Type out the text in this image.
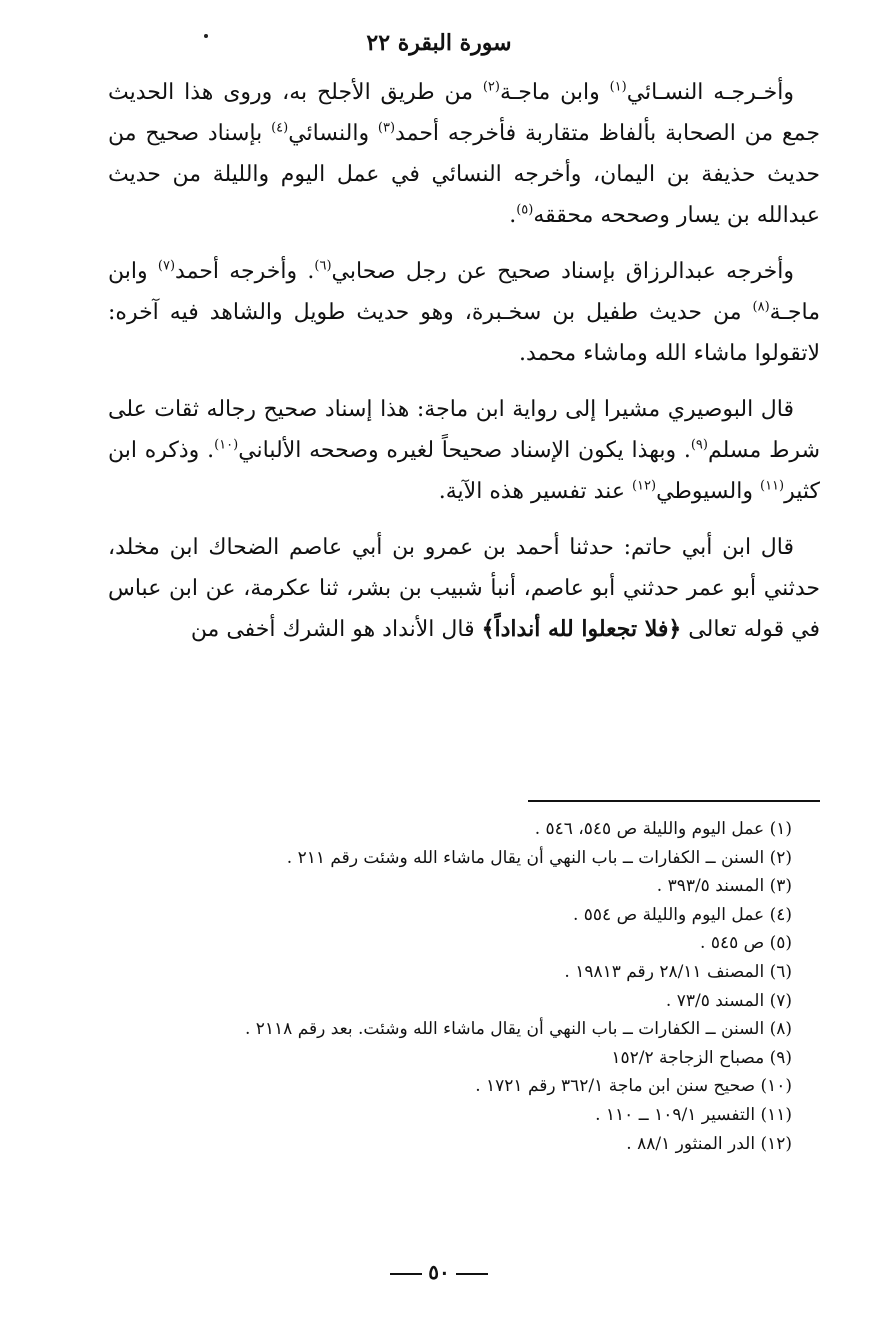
سورة البقرة ٢٢

وأخـرجـه النسـائي$^{(١)}$ وابن ماجـة$^{(٢)}$ من طريق الأجلح به، وروى هذا الحديث جمع من الصحابة بألفاظ متقاربة فأخرجه أحمد$^{(٣)}$ والنسائي$^{(٤)}$ بإسناد صحيح من حديث حذيفة بن اليمان، وأخرجه النسائي في عمل اليوم والليلة من حديث عبدالله بن يسار وصححه محققه$^{(٥)}$.

وأخرجه عبدالرزاق بإسناد صحيح عن رجل صحابي$^{(٦)}$. وأخرجه أحمد$^{(٧)}$ وابن ماجـة$^{(٨)}$ من حديث طفيل بن سخـبرة، وهو حديث طويل والشاهد فيه آخره: لاتقولوا ماشاء الله وماشاء محمد.

قال البوصيري مشيرا إلى رواية ابن ماجة: هذا إسناد صحيح رجاله ثقات على شرط مسلم$^{(٩)}$. وبهذا يكون الإسناد صحيحاً لغيره وصححه الألباني$^{(١٠)}$. وذكره ابن كثير$^{(١١)}$ والسيوطي$^{(١٢)}$ عند تفسير هذه الآية.

قال ابن أبي حاتم: حدثنا أحمد بن عمرو بن أبي عاصم الضحاك ابن مخلد، حدثني أبو عمر حدثني أبو عاصم، أنبأ شبيب بن بشر، ثنا عكرمة، عن ابن عباس في قوله تعالى ﴿فلا تجعلوا لله أنداداً﴾ قال الأنداد هو الشرك أخفى من

(١) عمل اليوم والليلة ص ٥٤٥، ٥٤٦ .
(٢) السنن ــ الكفارات ــ باب النهي أن يقال ماشاء الله وشئت رقم ٢١١ .
(٣) المسند ٣٩٣/٥ .
(٤) عمل اليوم والليلة ص ٥٥٤ .
(٥) ص ٥٤٥ .
(٦) المصنف ٢٨/١١ رقم ١٩٨١٣ .
(٧) المسند ٧٣/٥ .
(٨) السنن ــ الكفارات ــ باب النهي أن يقال ماشاء الله وشئت. بعد رقم ٢١١٨ .
(٩) مصباح الزجاجة ١٥٢/٢
(١٠) صحيح سنن ابن ماجة ٣٦٢/١ رقم ١٧٢١ .
(١١) التفسير ١٠٩/١ ــ ١١٠ .
(١٢) الدر المنثور ٨٨/١ .
٥٠
